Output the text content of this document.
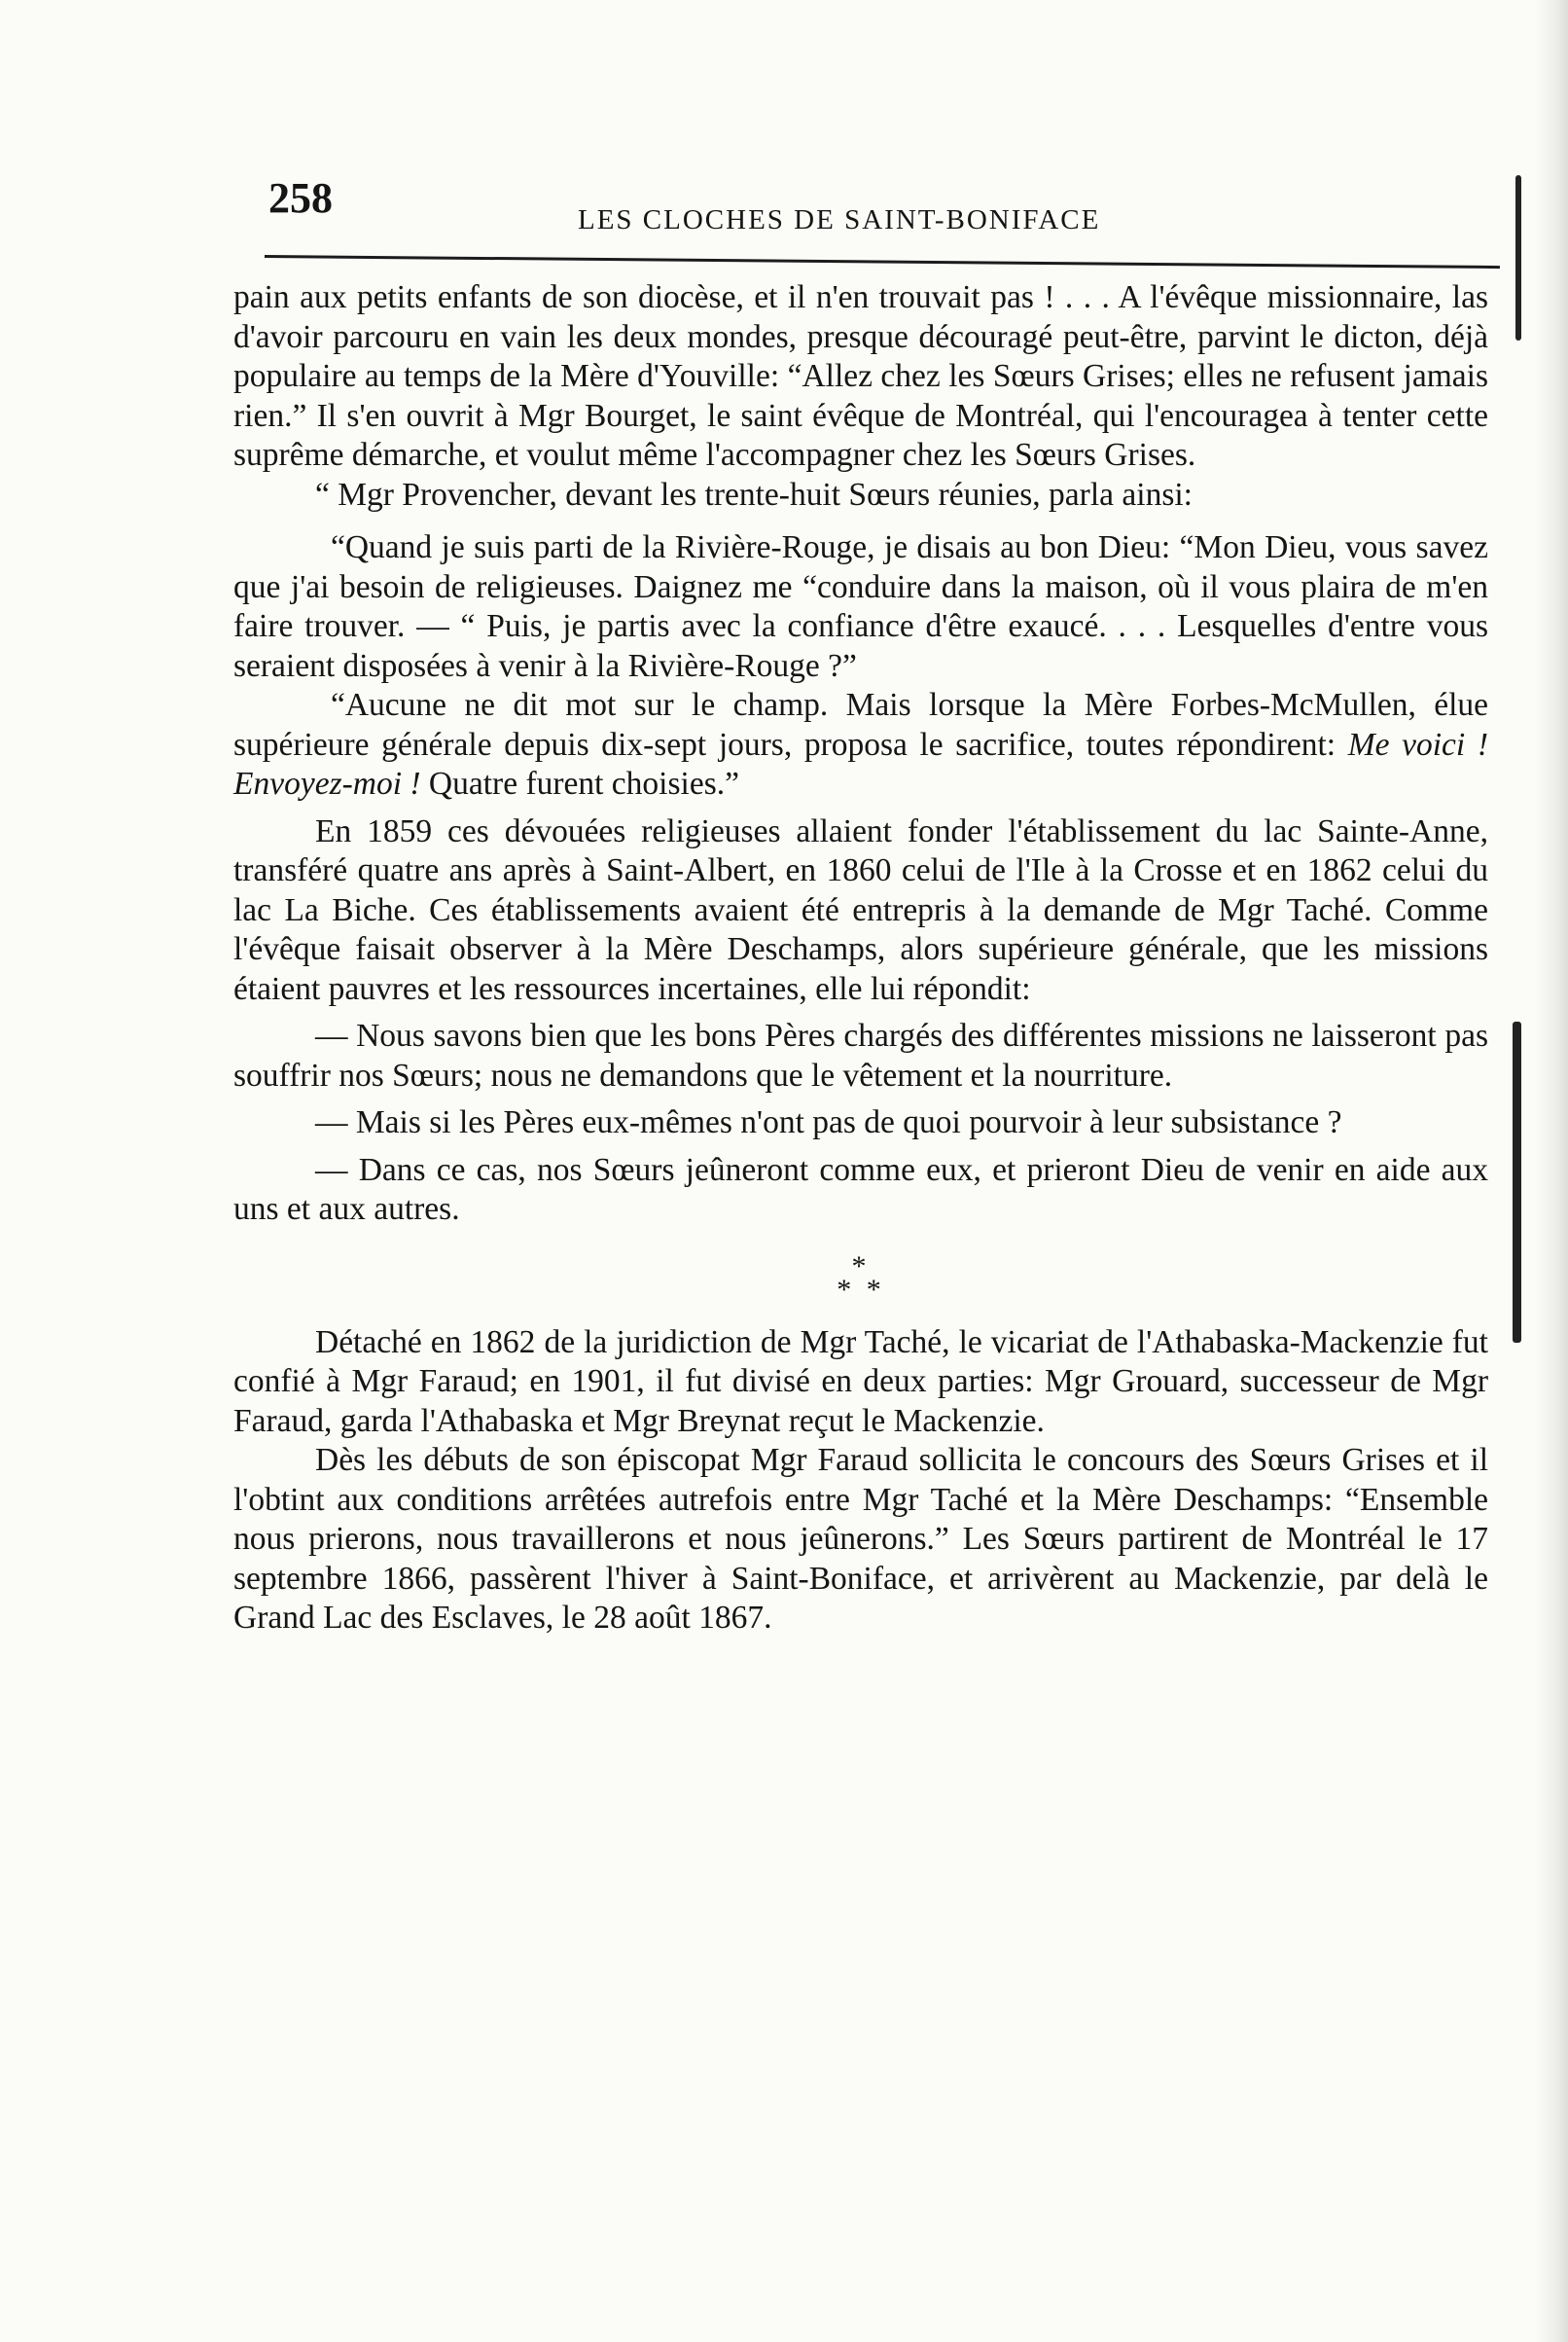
258	LES CLOCHES DE SAINT-BONIFACE

pain aux petits enfants de son diocèse, et il n'en trouvait pas ! . . . A l'évêque missionnaire, las d'avoir parcouru en vain les deux mondes, presque découragé peut-être, parvint le dicton, déjà populaire au temps de la Mère d'Youville: “Allez chez les Sœurs Grises; elles ne refusent jamais rien.” Il s'en ouvrit à Mgr Bourget, le saint évêque de Montréal, qui l'encouragea à tenter cette suprême démarche, et voulut même l'accompagner chez les Sœurs Grises.

“ Mgr Provencher, devant les trente-huit Sœurs réunies, parla ainsi:

“Quand je suis parti de la Rivière-Rouge, je disais au bon Dieu: “Mon Dieu, vous savez que j'ai besoin de religieuses. Daignez me “conduire dans la maison, où il vous plaira de m'en faire trouver. — “ Puis, je partis avec la confiance d'être exaucé. . . . Lesquelles d'entre vous seraient disposées à venir à la Rivière-Rouge ?”

“Aucune ne dit mot sur le champ. Mais lorsque la Mère Forbes-McMullen, élue supérieure générale depuis dix-sept jours, proposa le sacrifice, toutes répondirent: Me voici ! Envoyez-moi ! Quatre furent choisies.”

En 1859 ces dévouées religieuses allaient fonder l'établissement du lac Sainte-Anne, transféré quatre ans après à Saint-Albert, en 1860 celui de l'Ile à la Crosse et en 1862 celui du lac La Biche. Ces établissements avaient été entrepris à la demande de Mgr Taché. Comme l'évêque faisait observer à la Mère Deschamps, alors supérieure générale, que les missions étaient pauvres et les ressources incertaines, elle lui répondit:

— Nous savons bien que les bons Pères chargés des différentes missions ne laisseront pas souffrir nos Sœurs; nous ne demandons que le vêtement et la nourriture.

— Mais si les Pères eux-mêmes n'ont pas de quoi pourvoir à leur subsistance ?

— Dans ce cas, nos Sœurs jeûneront comme eux, et prieront Dieu de venir en aide aux uns et aux autres.

*
* *

Détaché en 1862 de la juridiction de Mgr Taché, le vicariat de l'Athabaska-Mackenzie fut confié à Mgr Faraud; en 1901, il fut divisé en deux parties: Mgr Grouard, successeur de Mgr Faraud, garda l'Athabaska et Mgr Breynat reçut le Mackenzie.

Dès les débuts de son épiscopat Mgr Faraud sollicita le concours des Sœurs Grises et il l'obtint aux conditions arrêtées autrefois entre Mgr Taché et la Mère Deschamps: “Ensemble nous prierons, nous travaillerons et nous jeûnerons.” Les Sœurs partirent de Montréal le 17 septembre 1866, passèrent l'hiver à Saint-Boniface, et arrivèrent au Mackenzie, par delà le Grand Lac des Esclaves, le 28 août 1867.
